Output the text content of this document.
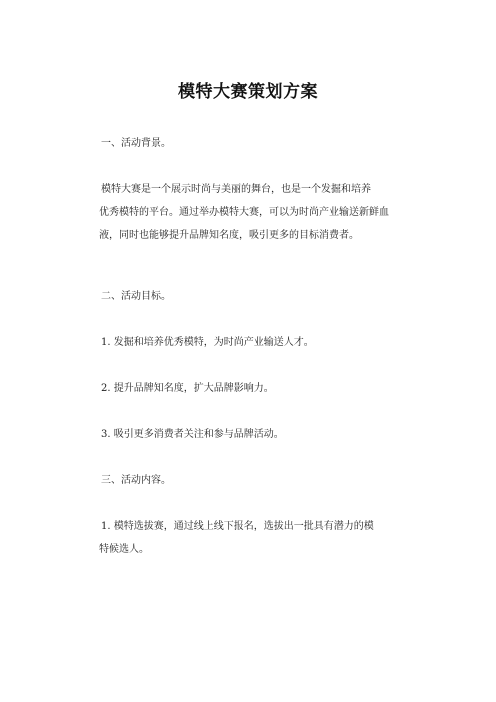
模特大赛策划方案
一、活动背景。
模特大赛是一个展示时尚与美丽的舞台，也是一个发掘和培养
优秀模特的平台。通过举办模特大赛，可以为时尚产业输送新鲜血
液，同时也能够提升品牌知名度，吸引更多的目标消费者。
二、活动目标。
1. 发掘和培养优秀模特，为时尚产业输送人才。
2. 提升品牌知名度，扩大品牌影响力。
3. 吸引更多消费者关注和参与品牌活动。
三、活动内容。
1. 模特选拔赛，通过线上线下报名，选拔出一批具有潜力的模
特候选人。
